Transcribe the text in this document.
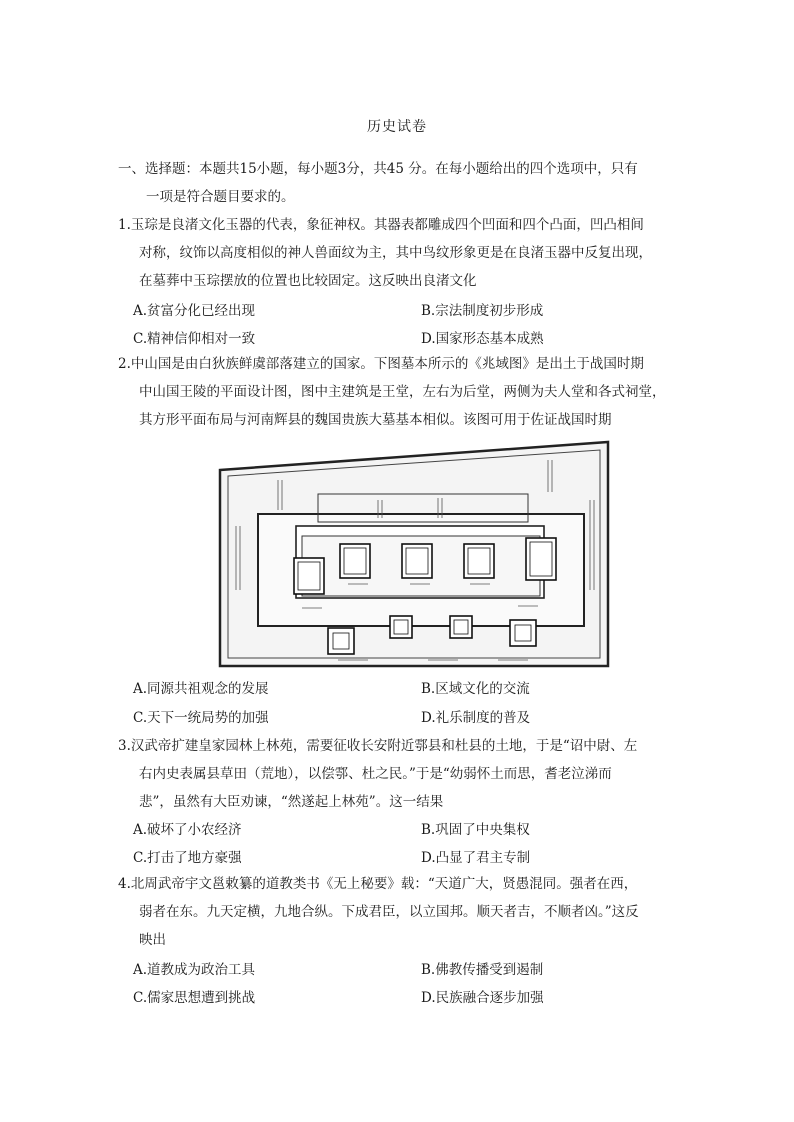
历史试卷
一、选择题：本题共15小题，每小题3分，共45 分。在每小题给出的四个选项中，只有
一项是符合题目要求的。
1.玉琮是良渚文化玉器的代表，象征神权。其器表都雕成四个凹面和四个凸面，凹凸相间
对称，纹饰以高度相似的神人兽面纹为主，其中鸟纹形象更是在良渚玉器中反复出现，
在墓葬中玉琮摆放的位置也比较固定。这反映出良渚文化
A.贫富分化已经出现	B.宗法制度初步形成
C.精神信仰相对一致	D.国家形态基本成熟
2.中山国是由白狄族鲜虞部落建立的国家。下图墓本所示的《兆域图》是出土于战国时期
中山国王陵的平面设计图，图中主建筑是王堂，左右为后堂，两侧为夫人堂和各式祠堂，
其方形平面布局与河南辉县的魏国贵族大墓基本相似。该图可用于佐证战国时期
A.同源共祖观念的发展	B.区域文化的交流
C.天下一统局势的加强	D.礼乐制度的普及
3.汉武帝扩建皇家园林上林苑，需要征收长安附近鄠县和杜县的土地，于是“诏中尉、左
右内史表属县草田（荒地），以偿鄠、杜之民。”于是“幼弱怀土而思，耆老泣涕而
悲”，虽然有大臣劝谏，“然遂起上林苑”。这一结果
A.破坏了小农经济	B.巩固了中央集权
C.打击了地方豪强	D.凸显了君主专制
4.北周武帝宇文邕敕纂的道教类书《无上秘要》载：“天道广大，贤愚混同。强者在西，
弱者在东。九天定横，九地合纵。下成君臣，以立国邦。顺天者吉，不顺者凶。”这反
映出
A.道教成为政治工具	B.佛教传播受到遏制
C.儒家思想遭到挑战	D.民族融合逐步加强
